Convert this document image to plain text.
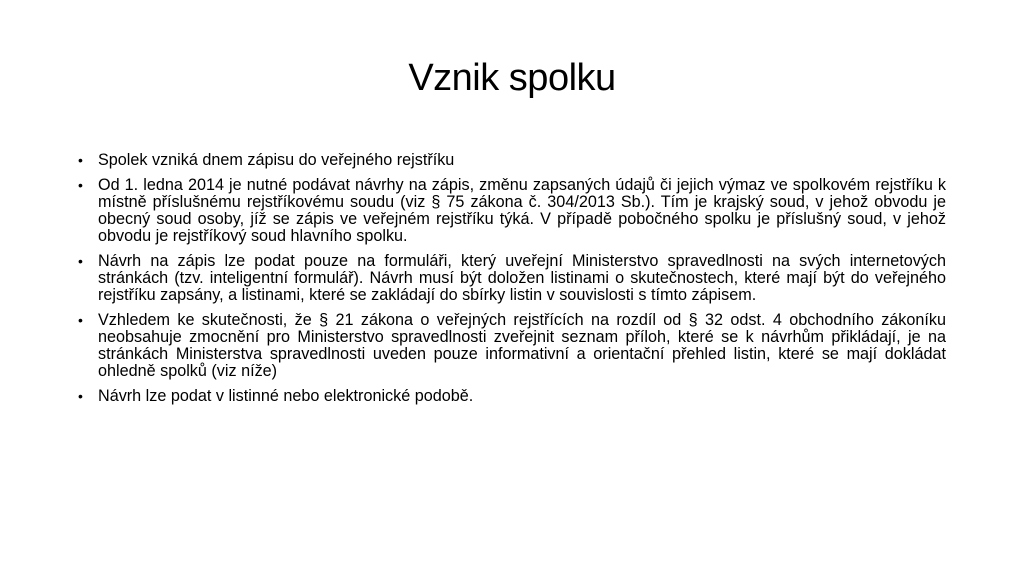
Vznik spolku
• Spolek vzniká dnem zápisu do veřejného rejstříku
• Od 1. ledna 2014 je nutné podávat návrhy na zápis, změnu zapsaných údajů či jejich výmaz ve spolkovém rejstříku k místně příslušnému rejstříkovému soudu (viz § 75 zákona č. 304/2013 Sb.). Tím je krajský soud, v jehož obvodu je obecný soud osoby, jíž se zápis ve veřejném rejstříku týká. V případě pobočného spolku je příslušný soud, v jehož obvodu je rejstříkový soud hlavního spolku.
• Návrh na zápis lze podat pouze na formuláři, který uveřejní Ministerstvo spravedlnosti na svých internetových stránkách (tzv. inteligentní formulář). Návrh musí být doložen listinami o skutečnostech, které mají být do veřejného rejstříku zapsány, a listinami, které se zakládají do sbírky listin v souvislosti s tímto zápisem.
• Vzhledem ke skutečnosti, že § 21 zákona o veřejných rejstřících na rozdíl od § 32 odst. 4 obchodního zákoníku neobsahuje zmocnění pro Ministerstvo spravedlnosti zveřejnit seznam příloh, které se k návrhům přikládají, je na stránkách Ministerstva spravedlnosti uveden pouze informativní a orientační přehled listin, které se mají dokládat ohledně spolků (viz níže)
• Návrh lze podat v listinné nebo elektronické podobě.
